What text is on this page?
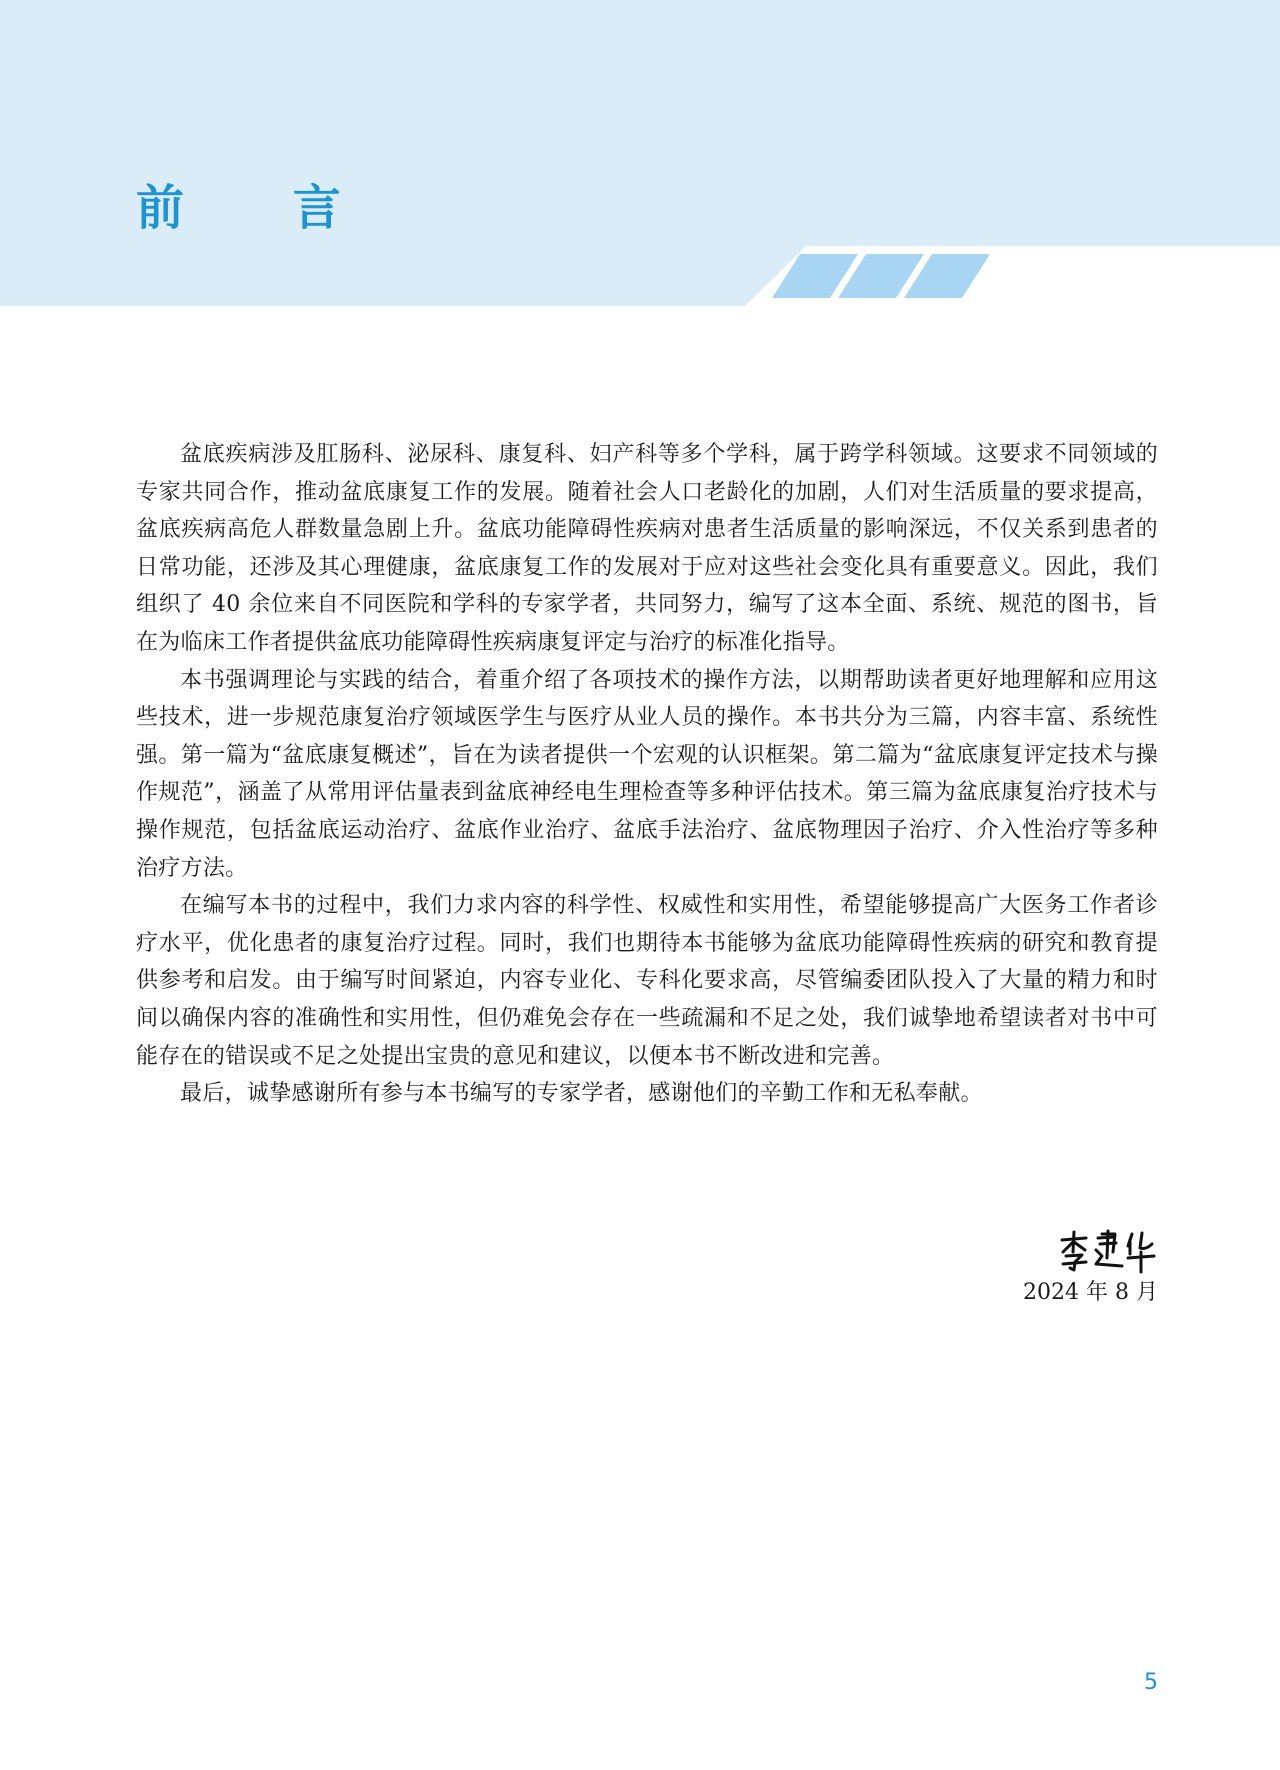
前 言

盆底疾病涉及肛肠科、泌尿科、康复科、妇产科等多个学科，属于跨学科领域。这要求不同领域的专家共同合作，推动盆底康复工作的发展。随着社会人口老龄化的加剧，人们对生活质量的要求提高，盆底疾病高危人群数量急剧上升。盆底功能障碍性疾病对患者生活质量的影响深远，不仅关系到患者的日常功能，还涉及其心理健康，盆底康复工作的发展对于应对这些社会变化具有重要意义。因此，我们组织了 40 余位来自不同医院和学科的专家学者，共同努力，编写了这本全面、系统、规范的图书，旨在为临床工作者提供盆底功能障碍性疾病康复评定与治疗的标准化指导。

本书强调理论与实践的结合，着重介绍了各项技术的操作方法，以期帮助读者更好地理解和应用这些技术，进一步规范康复治疗领域医学生与医疗从业人员的操作。本书共分为三篇，内容丰富、系统性强。第一篇为“盆底康复概述”，旨在为读者提供一个宏观的认识框架。第二篇为“盆底康复评定技术与操作规范”，涵盖了从常用评估量表到盆底神经电生理检查等多种评估技术。第三篇为盆底康复治疗技术与操作规范，包括盆底运动治疗、盆底作业治疗、盆底手法治疗、盆底物理因子治疗、介入性治疗等多种治疗方法。

在编写本书的过程中，我们力求内容的科学性、权威性和实用性，希望能够提高广大医务工作者诊疗水平，优化患者的康复治疗过程。同时，我们也期待本书能够为盆底功能障碍性疾病的研究和教育提供参考和启发。由于编写时间紧迫，内容专业化、专科化要求高，尽管编委团队投入了大量的精力和时间以确保内容的准确性和实用性，但仍难免会存在一些疏漏和不足之处，我们诚挚地希望读者对书中可能存在的错误或不足之处提出宝贵的意见和建议，以便本书不断改进和完善。

最后，诚挚感谢所有参与本书编写的专家学者，感谢他们的辛勤工作和无私奉献。

2024 年 8 月
5
